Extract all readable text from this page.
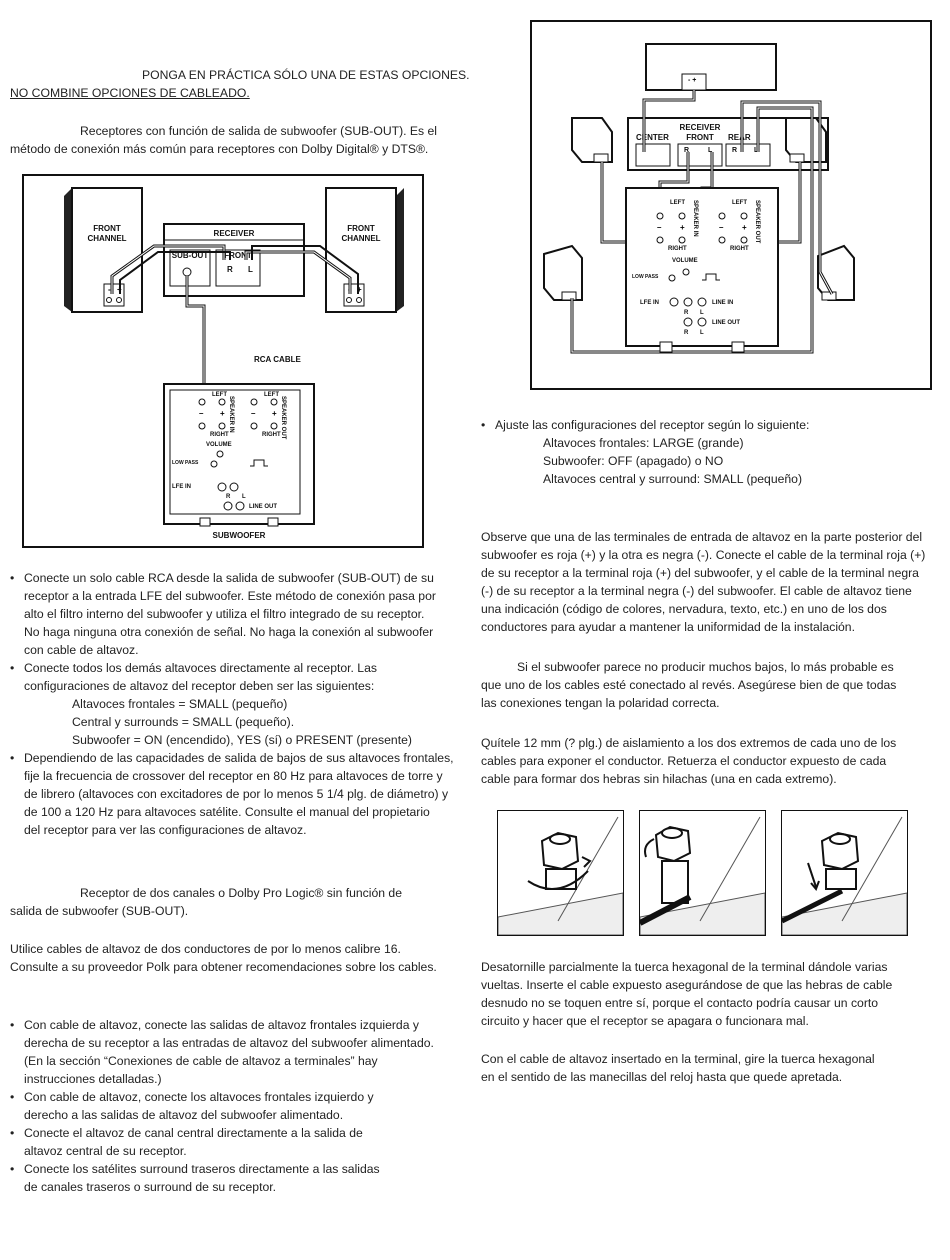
PONGA EN PRÁCTICA SÓLO UNA DE ESTAS OPCIONES.

NO COMBINE OPCIONES DE CABLEADO.

Receptores con función de salida de subwoofer (SUB-OUT). Es el

método de conexión más común para receptores con Dolby Digital® y DTS®.

FRONT
CHANNEL
- +
FRONT
CHANNEL
- +
RECEIVER
SUB-OUT FRONT
R L
RCA CABLE
LEFT	LEFT
– +	– +
RIGHT	RIGHT
SPEAKER IN	SPEAKER OUT
VOLUME
LOW PASS
LFE IN
R L
LINE OUT
SUBWOOFER
• Conecte un solo cable RCA desde la salida de subwoofer (SUB-OUT) de su
receptor a la entrada LFE del subwoofer. Este método de conexión pasa por
alto el filtro interno del subwoofer y utiliza el filtro integrado de su receptor.
No haga ninguna otra conexión de señal. No haga la conexión al subwoofer
con cable de altavoz.
• Conecte todos los demás altavoces directamente al receptor. Las
configuraciones de altavoz del receptor deben ser las siguientes:
Altavoces frontales = SMALL (pequeño)
Central y surrounds = SMALL (pequeño).
Subwoofer = ON (encendido), YES (sí) o PRESENT (presente)
• Dependiendo de las capacidades de salida de bajos de sus altavoces frontales,
fije la frecuencia de crossover del receptor en 80 Hz para altavoces de torre y
de librero (altavoces con excitadores de por lo menos 5 1/4 plg. de diámetro) y
de 100 a 120 Hz para altavoces satélite. Consulte el manual del propietario
del receptor para ver las configuraciones de altavoz.

Receptor de dos canales o Dolby Pro Logic® sin función de

salida de subwoofer (SUB-OUT).

Utilice cables de altavoz de dos conductores de por lo menos calibre 16.

Consulte a su proveedor Polk para obtener recomendaciones sobre los cables.

• Con cable de altavoz, conecte las salidas de altavoz frontales izquierda y
derecha de su receptor a las entradas de altavoz del subwoofer alimentado.
(En la sección “Conexiones de cable de altavoz a terminales” hay
instrucciones detalladas.)
• Con cable de altavoz, conecte los altavoces frontales izquierdo y
derecho a las salidas de altavoz del subwoofer alimentado.
• Conecte el altavoz de canal central directamente a la salida de
altavoz central de su receptor.
• Conecte los satélites surround traseros directamente a las salidas
de canales traseros o surround de su receptor.
- +
RECEIVER
FRONT
CENTER	REAR
R	L	R L
LEFT	LEFT
– +	– +
RIGHT	RIGHT
SPEAKER IN	SPEAKER OUT
VOLUME
LOW PASS
LFE IN	LINE IN
R L
LINE OUT
R L
• Ajuste las configuraciones del receptor según lo siguiente:
Altavoces frontales: LARGE (grande)
Subwoofer: OFF (apagado) o NO
Altavoces central y surround: SMALL (pequeño)
Observe que una de las terminales de entrada de altavoz en la parte posterior del
subwoofer es roja (+) y la otra es negra (-). Conecte el cable de la terminal roja (+)
de su receptor a la terminal roja (+) del subwoofer, y el cable de la terminal negra
(-) de su receptor a la terminal negra (-) del subwoofer. El cable de altavoz tiene
una indicación (código de colores, nervadura, texto, etc.) en uno de los dos
conductores para ayudar a mantener la uniformidad de la instalación.
Si el subwoofer parece no producir muchos bajos, lo más probable es
que uno de los cables esté conectado al revés. Asegúrese bien de que todas
las conexiones tengan la polaridad correcta.
Quítele 12 mm (? plg.) de aislamiento a los dos extremos de cada uno de los
cables para exponer el conductor. Retuerza el conductor expuesto de cada
cable para formar dos hebras sin hilachas (una en cada extremo).
Desatornille parcialmente la tuerca hexagonal de la terminal dándole varias
vueltas. Inserte el cable expuesto asegurándose de que las hebras de cable
desnudo no se toquen entre sí, porque el contacto podría causar un corto
circuito y hacer que el receptor se apagara o funcionara mal.
Con el cable de altavoz insertado en la terminal, gire la tuerca hexagonal
en el sentido de las manecillas del reloj hasta que quede apretada.
